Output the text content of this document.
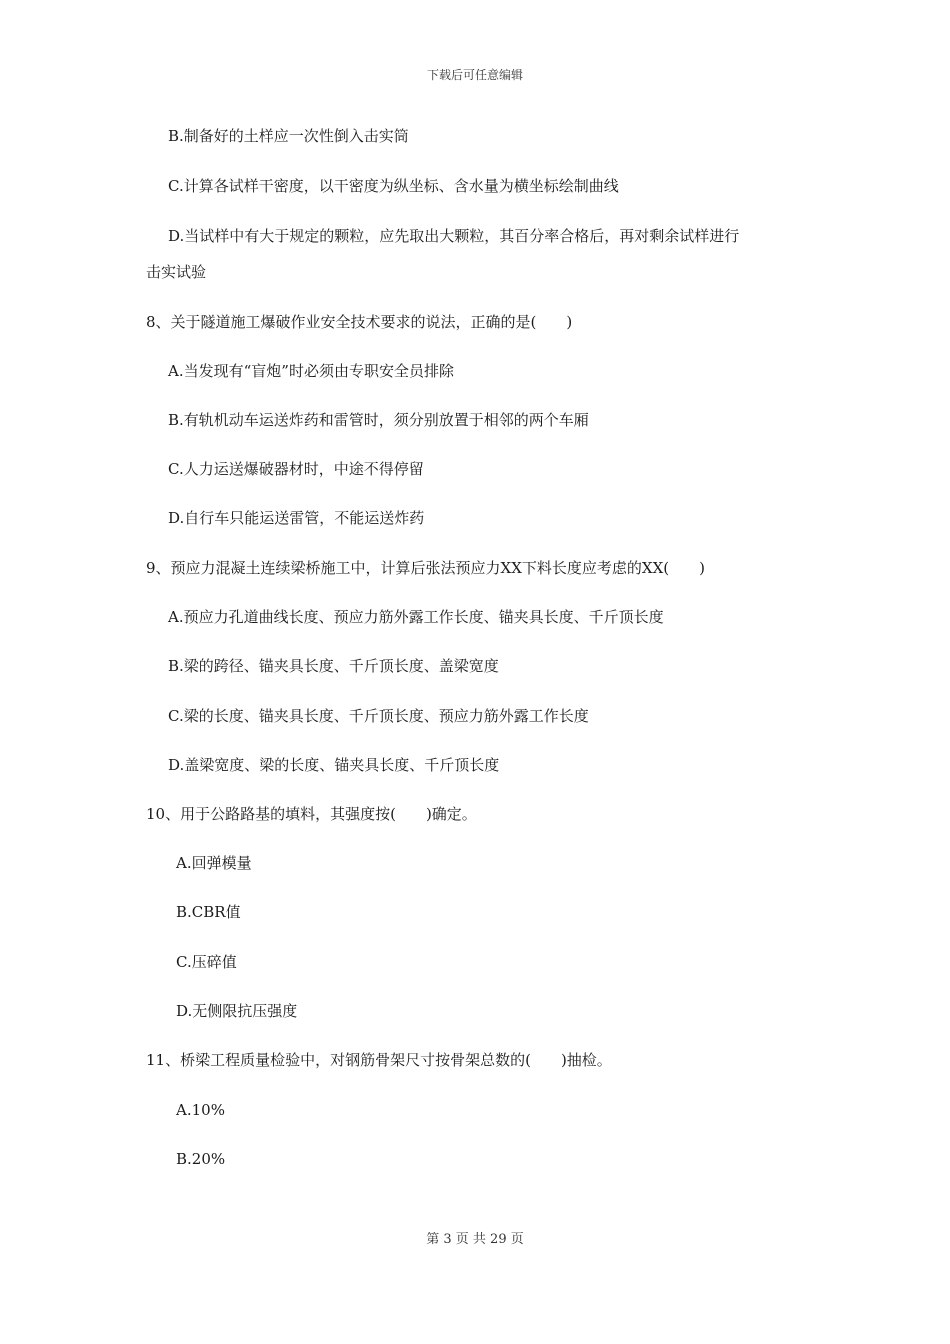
下载后可任意编辑
B.制备好的土样应一次性倒入击实筒
C.计算各试样干密度，以干密度为纵坐标、含水量为横坐标绘制曲线
D.当试样中有大于规定的颗粒，应先取出大颗粒，其百分率合格后，再对剩余试样进行
击实试验
8、关于隧道施工爆破作业安全技术要求的说法，正确的是(　　)
A.当发现有“盲炮”时必须由专职安全员排除
B.有轨机动车运送炸药和雷管时，须分别放置于相邻的两个车厢
C.人力运送爆破器材时，中途不得停留
D.自行车只能运送雷管，不能运送炸药
9、预应力混凝土连续梁桥施工中，计算后张法预应力XX下料长度应考虑的XX(　　)
A.预应力孔道曲线长度、预应力筋外露工作长度、锚夹具长度、千斤顶长度
B.梁的跨径、锚夹具长度、千斤顶长度、盖梁宽度
C.梁的长度、锚夹具长度、千斤顶长度、预应力筋外露工作长度
D.盖梁宽度、梁的长度、锚夹具长度、千斤顶长度
10、用于公路路基的填料，其强度按(　　)确定。
A.回弹模量
B.CBR值
C.压碎值
D.无侧限抗压强度
11、桥梁工程质量检验中，对钢筋骨架尺寸按骨架总数的(　　)抽检。
A.10%
B.20%
第 3 页 共 29 页
